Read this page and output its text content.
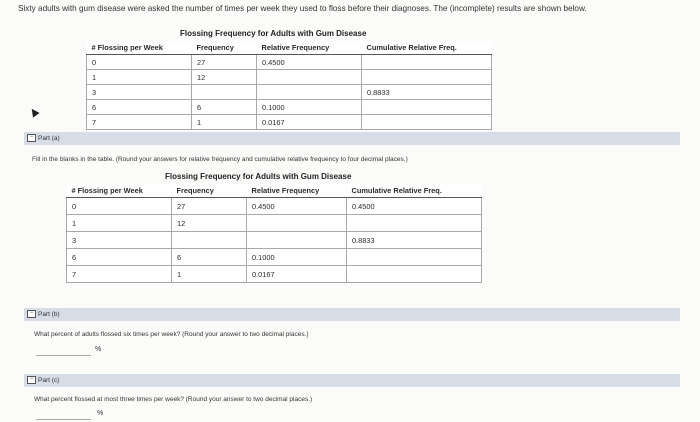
Sixty adults with gum disease were asked the number of times per week they used to floss before their diagnoses. The (incomplete) results are shown below.
Flossing Frequency for Adults with Gum Disease
# Flossing per Week	Frequency	Relative Frequency	Cumulative Relative Freq.
0	27	0.4500	
1	12		
3			0.8833
6	6	0.1000	
7	1	0.0167	
− Part (a)
Fill in the blanks in the table. (Round your answers for relative frequency and cumulative relative frequency to four decimal places.)
Flossing Frequency for Adults with Gum Disease
# Flossing per Week	Frequency	Relative Frequency	Cumulative Relative Freq.
0	27	0.4500	0.4500
1	12		
3			0.8833
6	6	0.1000	
7	1	0.0167	
− Part (b)
What percent of adults flossed six times per week? (Round your answer to two decimal places.)
%
− Part (c)
What percent flossed at most three times per week? (Round your answer to two decimal places.)
%
